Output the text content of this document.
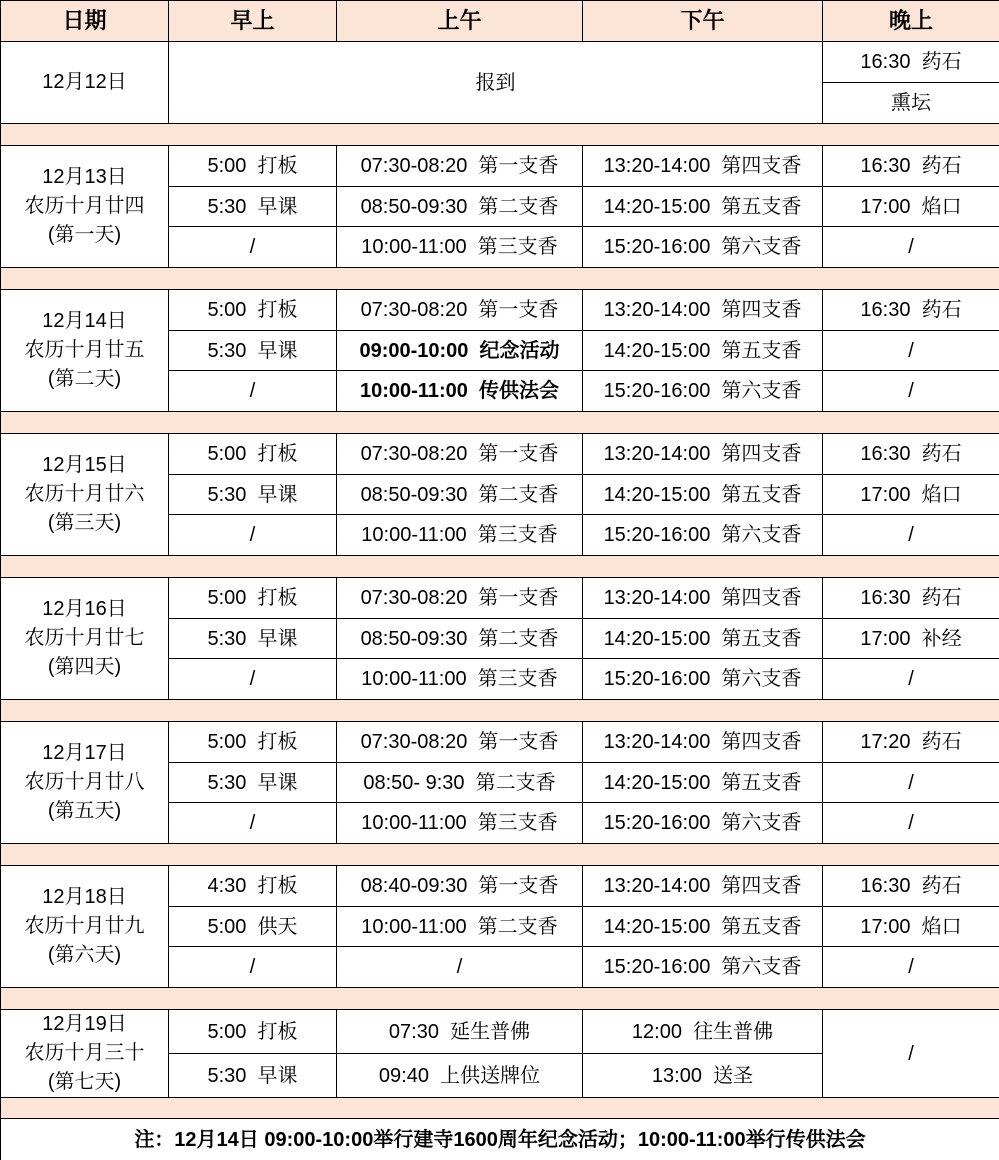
日期	早上	上午	下午	晚上

12月12日	报到			16:30  药石
				熏坛

12月13日
农历十月廿四
(第一天)	5:00  打板	07:30-08:20  第一支香	13:20-14:00  第四支香	16:30  药石
	5:30  早课	08:50-09:30  第二支香	14:20-15:00  第五支香	17:00  焰口
	/	10:00-11:00  第三支香	15:20-16:00  第六支香	/

12月14日
农历十月廿五
(第二天)	5:00  打板	07:30-08:20  第一支香	13:20-14:00  第四支香	16:30  药石
	5:30  早课	09:00-10:00  纪念活动	14:20-15:00  第五支香	/
	/	10:00-11:00  传供法会	15:20-16:00  第六支香	/

12月15日
农历十月廿六
(第三天)	5:00  打板	07:30-08:20  第一支香	13:20-14:00  第四支香	16:30  药石
	5:30  早课	08:50-09:30  第二支香	14:20-15:00  第五支香	17:00  焰口
	/	10:00-11:00  第三支香	15:20-16:00  第六支香	/

12月16日
农历十月廿七
(第四天)	5:00  打板	07:30-08:20  第一支香	13:20-14:00  第四支香	16:30  药石
	5:30  早课	08:50-09:30  第二支香	14:20-15:00  第五支香	17:00  补经
	/	10:00-11:00  第三支香	15:20-16:00  第六支香	/

12月17日
农历十月廿八
(第五天)	5:00  打板	07:30-08:20  第一支香	13:20-14:00  第四支香	17:20  药石
	5:30  早课	08:50- 9:30  第二支香	14:20-15:00  第五支香	/
	/	10:00-11:00  第三支香	15:20-16:00  第六支香	/

12月18日
农历十月廿九
(第六天)	4:30  打板	08:40-09:30  第一支香	13:20-14:00  第四支香	16:30  药石
	5:00  供天	10:00-11:00  第二支香	14:20-15:00  第五支香	17:00  焰口
	/	/	15:20-16:00  第六支香	/

12月19日
农历十月三十
(第七天)	5:00  打板	07:30  延生普佛	12:00  往生普佛	/
	5:30  早课	09:40  上供送牌位	13:00  送圣	

注：12月14日 09:00-10:00举行建寺1600周年纪念活动；10:00-11:00举行传供法会				
